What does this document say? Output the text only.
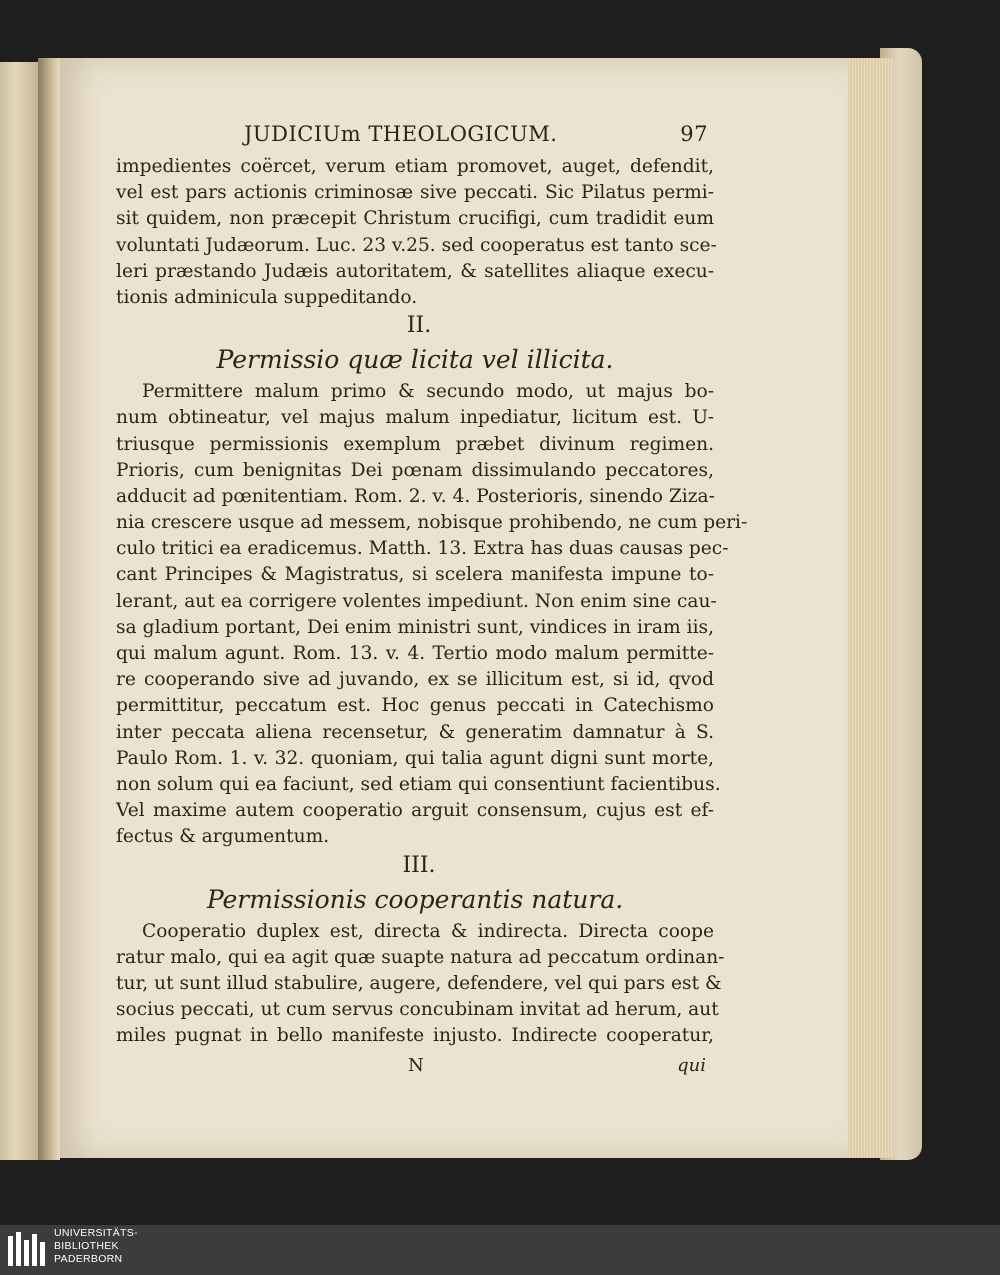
JUDICIUm THEOLOGICUM.	97
impedientes coërcet, verum etiam promovet, auget, defendit,
vel est pars actionis criminosæ sive peccati. Sic Pilatus permi-
sit quidem, non præcepit Christum crucifigi, cum tradidit eum
voluntati Judæorum. Luc. 23 v.25. sed cooperatus est tanto sce-
leri præstando Judæis autoritatem, & satellites aliaque execu-
tionis adminicula suppeditando.
II.
Permissio quæ licita vel illicita.
Permittere malum primo & secundo modo, ut majus bo-
num obtineatur, vel majus malum inpediatur, licitum est. U-
triusque permissionis exemplum præbet divinum regimen.
Prioris, cum benignitas Dei pœnam dissimulando peccatores,
adducit ad pœnitentiam. Rom. 2. v. 4. Posterioris, sinendo Ziza-
nia crescere usque ad messem, nobisque prohibendo, ne cum peri-
culo tritici ea eradicemus. Matth. 13. Extra has duas causas pec-
cant Principes & Magistratus, si scelera manifesta impune to-
lerant, aut ea corrigere volentes impediunt. Non enim sine cau-
sa gladium portant, Dei enim ministri sunt, vindices in iram iis,
qui malum agunt. Rom. 13. v. 4. Tertio modo malum permitte-
re cooperando sive ad juvando, ex se illicitum est, si id, qvod
permittitur, peccatum est. Hoc genus peccati in Catechismo
inter peccata aliena recensetur, & generatim damnatur à S.
Paulo Rom. 1. v. 32. quoniam, qui talia agunt digni sunt morte,
non solum qui ea faciunt, sed etiam qui consentiunt facientibus.
Vel maxime autem cooperatio arguit consensum, cujus est ef-
fectus & argumentum.
III.
Permissionis cooperantis natura.
Cooperatio duplex est, directa & indirecta. Directa coope
ratur malo, qui ea agit quæ suapte natura ad peccatum ordinan-
tur, ut sunt illud stabulire, augere, defendere, vel qui pars est &
socius peccati, ut cum servus concubinam invitat ad herum, aut
miles pugnat in bello manifeste injusto. Indirecte cooperatur,
N	qui
UNIVERSITÄTS-
BIBLIOTHEK
PADERBORN
